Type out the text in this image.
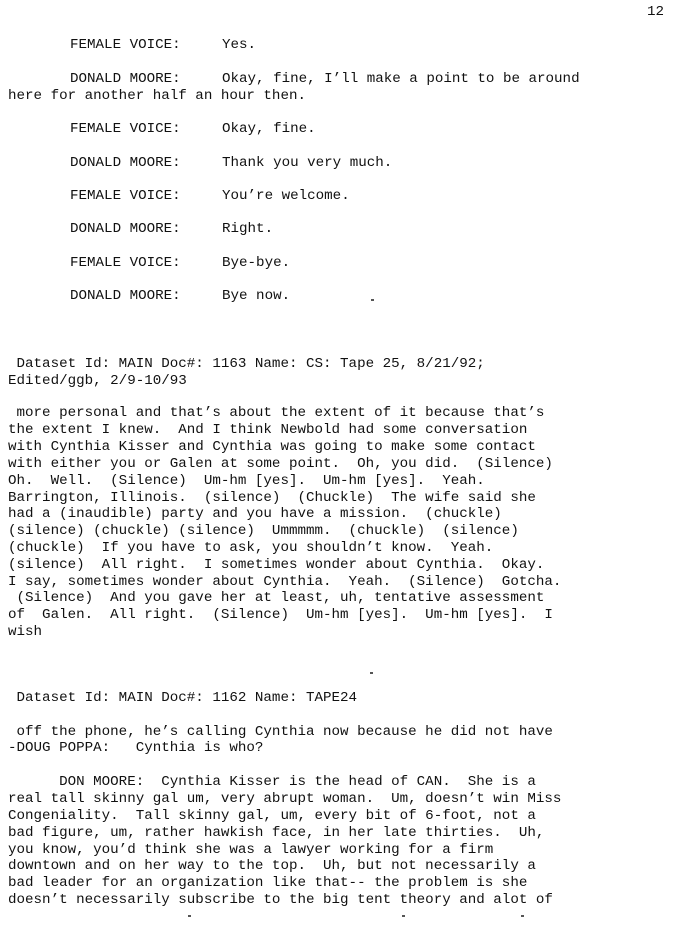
12
FEMALE VOICE:	Yes.
DONALD MOORE:	Okay, fine, I’ll make a point to be around
here for another half an hour then.
FEMALE VOICE:	Okay, fine.
DONALD MOORE:	Thank you very much.
FEMALE VOICE:	You’re welcome.
DONALD MOORE:	Right.
FEMALE VOICE:	Bye-bye.
DONALD MOORE:	Bye now.
Dataset Id: MAIN Doc#: 1163 Name: CS: Tape 25, 8/21/92;
Edited/ggb, 2/9-10/93
more personal and that’s about the extent of it because that’s
the extent I knew.  And I think Newbold had some conversation
with Cynthia Kisser and Cynthia was going to make some contact
with either you or Galen at some point.  Oh, you did.  (Silence)
Oh.  Well.  (Silence)  Um-hm [yes].  Um-hm [yes].  Yeah.
Barrington, Illinois.  (silence)  (Chuckle)  The wife said she
had a (inaudible) party and you have a mission.  (chuckle)
(silence) (chuckle) (silence)  Ummmmm.  (chuckle)  (silence)
(chuckle)  If you have to ask, you shouldn’t know.  Yeah.
(silence)  All right.  I sometimes wonder about Cynthia.  Okay.
I say, sometimes wonder about Cynthia.  Yeah.  (Silence)  Gotcha.
(Silence)  And you gave her at least, uh, tentative assessment
of  Galen.  All right.  (Silence)  Um-hm [yes].  Um-hm [yes].  I
wish
Dataset Id: MAIN Doc#: 1162 Name: TAPE24
off the phone, he’s calling Cynthia now because he did not have
-DOUG POPPA:   Cynthia is who?
DON MOORE:  Cynthia Kisser is the head of CAN.  She is a
real tall skinny gal um, very abrupt woman.  Um, doesn’t win Miss
Congeniality.  Tall skinny gal, um, every bit of 6-foot, not a
bad figure, um, rather hawkish face, in her late thirties.  Uh,
you know, you’d think she was a lawyer working for a firm
downtown and on her way to the top.  Uh, but not necessarily a
bad leader for an organization like that-- the problem is she
doesn’t necessarily subscribe to the big tent theory and alot of
